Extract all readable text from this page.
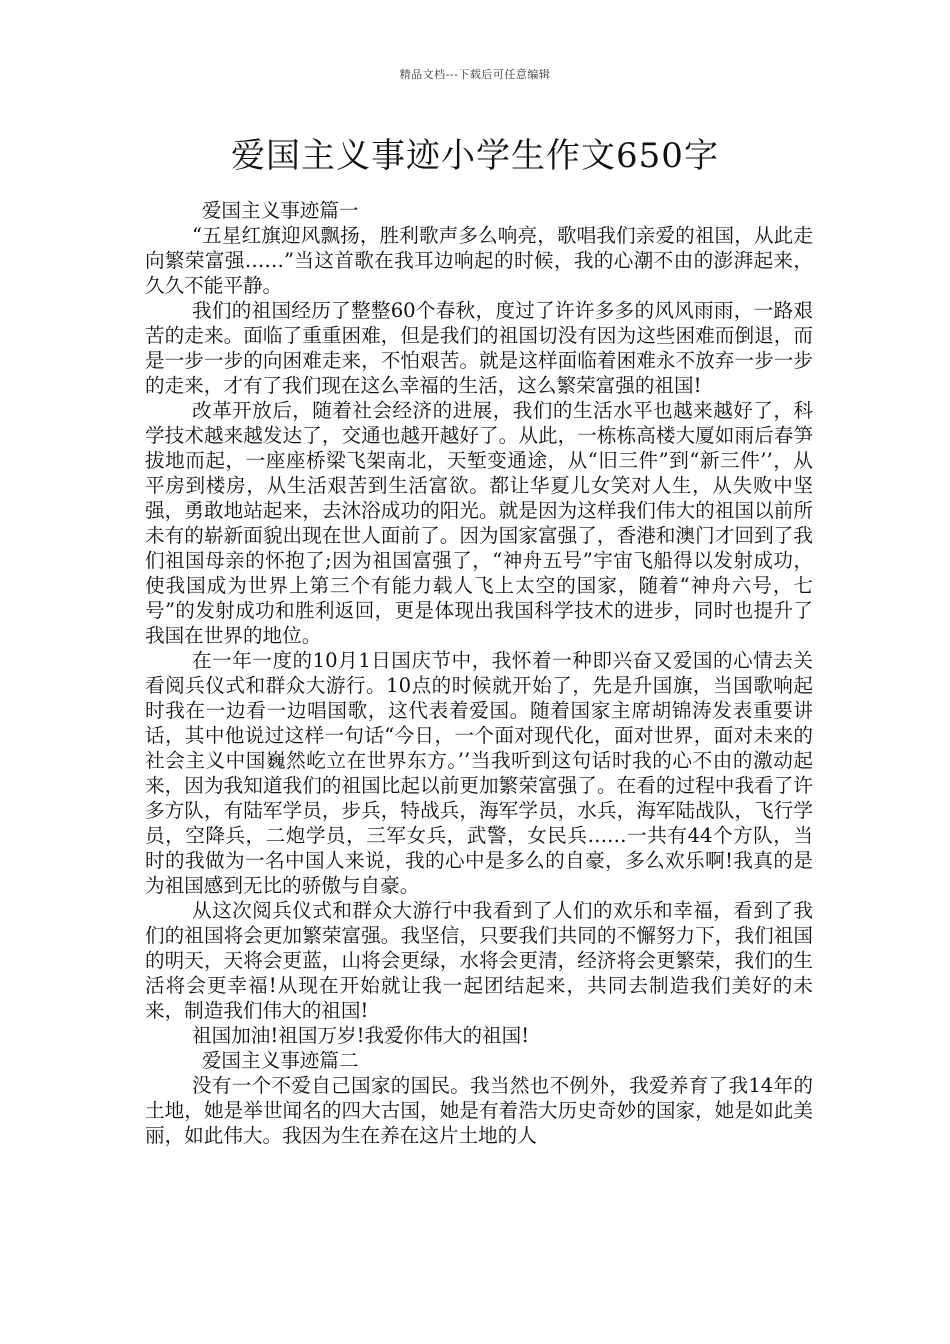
精品文档---下载后可任意编辑
爱国主义事迹小学生作文650字

爱国主义事迹篇一

“五星红旗迎风飘扬，胜利歌声多么响亮，歌唱我们亲爱的祖国，从此走向繁荣富强……”当这首歌在我耳边响起的时候，我的心潮不由的澎湃起来，久久不能平静。

我们的祖国经历了整整60个春秋，度过了许许多多的风风雨雨，一路艰苦的走来。面临了重重困难，但是我们的祖国切没有因为这些困难而倒退，而是一步一步的向困难走来，不怕艰苦。就是这样面临着困难永不放弃一步一步的走来，才有了我们现在这么幸福的生活，这么繁荣富强的祖国!

改革开放后，随着社会经济的进展，我们的生活水平也越来越好了，科学技术越来越发达了，交通也越开越好了。从此，一栋栋高楼大厦如雨后春笋拔地而起，一座座桥梁飞架南北，天堑变通途，从“旧三件”到“新三件’’，从平房到楼房，从生活艰苦到生活富欲。都让华夏儿女笑对人生，从失败中坚强，勇敢地站起来，去沐浴成功的阳光。就是因为这样我们伟大的祖国以前所未有的崭新面貌出现在世人面前了。因为国家富强了，香港和澳门才回到了我们祖国母亲的怀抱了;因为祖国富强了，“神舟五号”宇宙飞船得以发射成功，使我国成为世界上第三个有能力载人飞上太空的国家，随着“神舟六号，七号”的发射成功和胜利返回，更是体现出我国科学技术的进步，同时也提升了我国在世界的地位。

在一年一度的10月1日国庆节中，我怀着一种即兴奋又爱国的心情去关看阅兵仪式和群众大游行。10点的时候就开始了，先是升国旗，当国歌响起时我在一边看一边唱国歌，这代表着爱国。随着国家主席胡锦涛发表重要讲话，其中他说过这样一句话“今日，一个面对现代化，面对世界，面对未来的社会主义中国巍然屹立在世界东方。’’当我听到这句话时我的心不由的激动起来，因为我知道我们的祖国比起以前更加繁荣富强了。在看的过程中我看了许多方队，有陆军学员，步兵，特战兵，海军学员，水兵，海军陆战队，飞行学员，空降兵，二炮学员，三军女兵，武警，女民兵……一共有44个方队，当时的我做为一名中国人来说，我的心中是多么的自豪，多么欢乐啊!我真的是为祖国感到无比的骄傲与自豪。

从这次阅兵仪式和群众大游行中我看到了人们的欢乐和幸福，看到了我们的祖国将会更加繁荣富强。我坚信，只要我们共同的不懈努力下，我们祖国的明天，天将会更蓝，山将会更绿，水将会更清，经济将会更繁荣，我们的生活将会更幸福!从现在开始就让我一起团结起来，共同去制造我们美好的未来，制造我们伟大的祖国!

祖国加油!祖国万岁!我爱你伟大的祖国!

爱国主义事迹篇二

没有一个不爱自己国家的国民。我当然也不例外，我爱养育了我14年的土地，她是举世闻名的四大古国，她是有着浩大历史奇妙的国家，她是如此美丽，如此伟大。我因为生在养在这片土地的人
